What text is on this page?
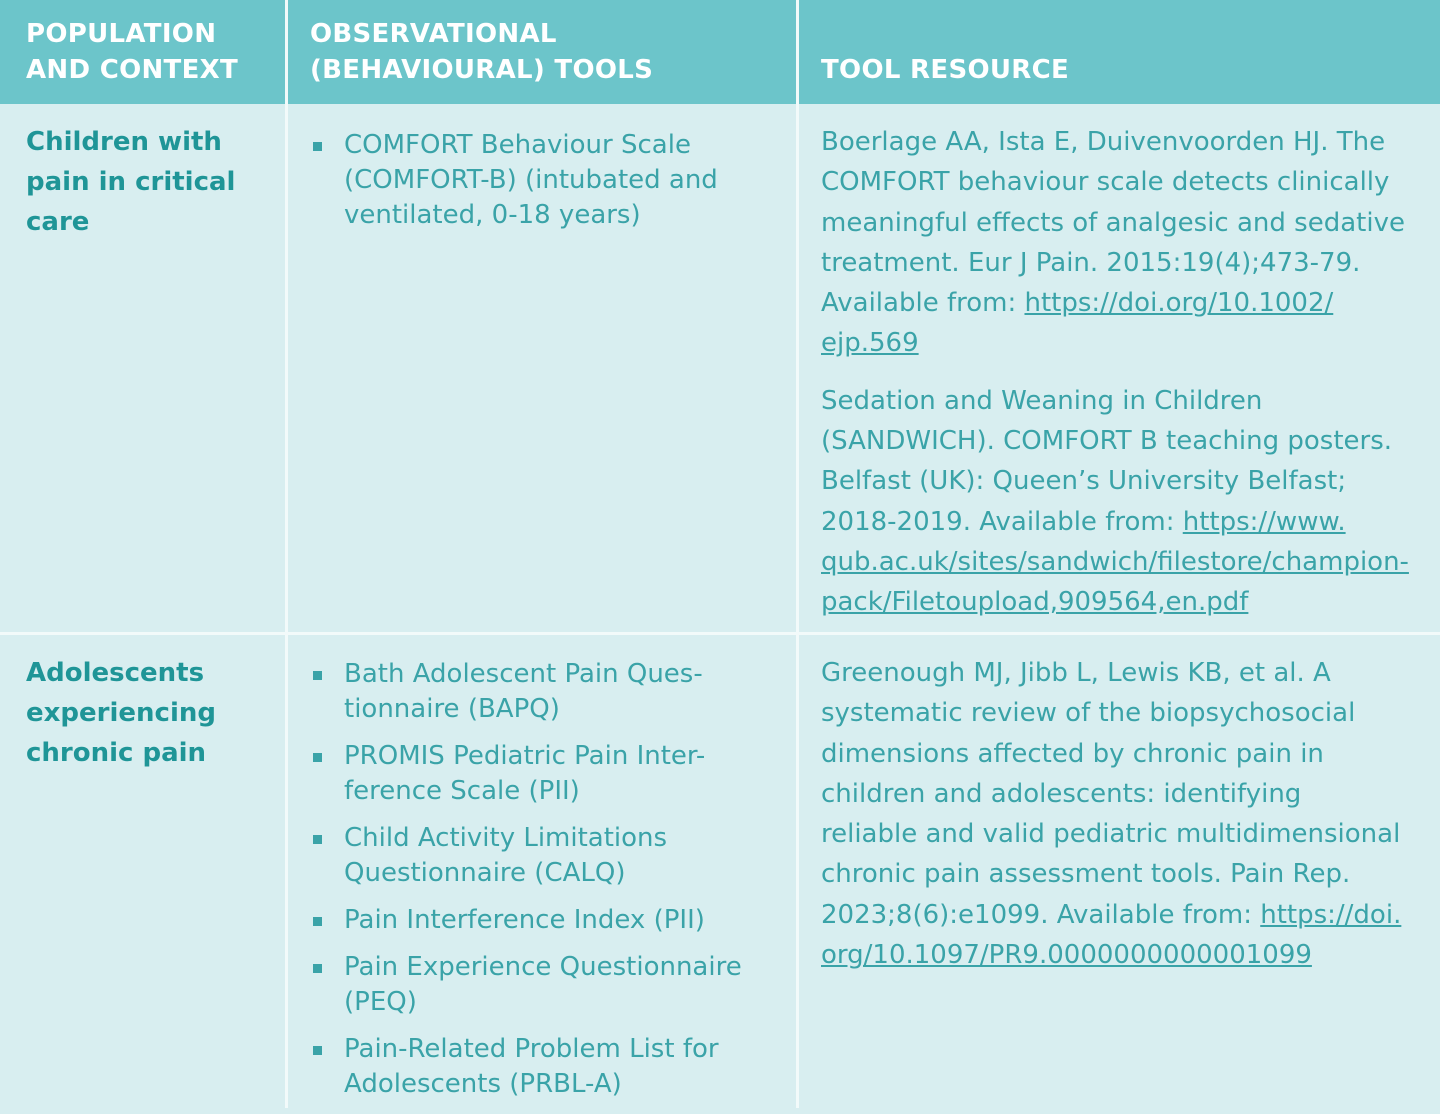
POPULATION
AND CONTEXT
OBSERVATIONAL
(BEHAVIOURAL) TOOLS	TOOL RESOURCE
Children with
pain in critical
care
COMFORT Behaviour Scale
(COMFORT-B) (intubated and
ventilated, 0-18 years)

Boerlage AA, Ista E, Duivenvoorden HJ. The
COMFORT behaviour scale detects clinically
meaningful effects of analgesic and sedative
treatment. Eur J Pain. 2015:19(4);473-79.
Available from: https://doi.org/10.1002/
ejp.569

Sedation and Weaning in Children
(SANDWICH). COMFORT B teaching posters.
Belfast (UK): Queen’s University Belfast;
2018-2019. Available from: https://www.
qub.ac.uk/sites/sandwich/filestore/champion-
pack/Filetoupload,909564,en.pdf

Adolescents
experiencing
chronic pain
Bath Adolescent Pain Ques-
tionnaire (BAPQ)
PROMIS Pediatric Pain Inter-
ference Scale (PII)
Child Activity Limitations
Questionnaire (CALQ)
Pain Interference Index (PII)
Pain Experience Questionnaire
(PEQ)
Pain-Related Problem List for
Adolescents (PRBL-A)

Greenough MJ, Jibb L, Lewis KB, et al. A
systematic review of the biopsychosocial
dimensions affected by chronic pain in
children and adolescents: identifying
reliable and valid pediatric multidimensional
chronic pain assessment tools. Pain Rep.
2023;8(6):e1099. Available from: https://doi.
org/10.1097/PR9.0000000000001099
